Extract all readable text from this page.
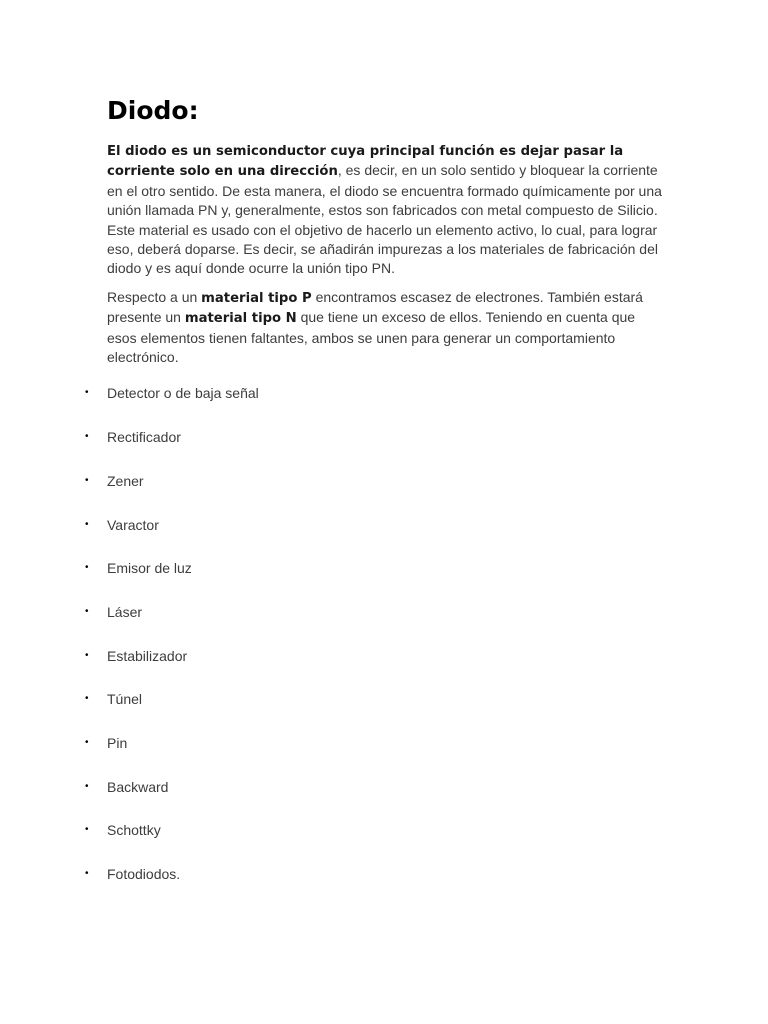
Diodo:

El diodo es un semiconductor cuya principal función es dejar pasar la corriente solo en una dirección, es decir, en un solo sentido y bloquear la corriente en el otro sentido. De esta manera, el diodo se encuentra formado químicamente por una unión llamada PN y, generalmente, estos son fabricados con metal compuesto de Silicio. Este material es usado con el objetivo de hacerlo un elemento activo, lo cual, para lograr eso, deberá doparse. Es decir, se añadirán impurezas a los materiales de fabricación del diodo y es aquí donde ocurre la unión tipo PN.

Respecto a un material tipo P encontramos escasez de electrones. También estará presente un material tipo N que tiene un exceso de ellos. Teniendo en cuenta que esos elementos tienen faltantes, ambos se unen para generar un comportamiento electrónico.

• Detector o de baja señal
• Rectificador
• Zener
• Varactor
• Emisor de luz
• Láser
• Estabilizador
• Túnel
• Pin
• Backward
• Schottky
• Fotodiodos.
